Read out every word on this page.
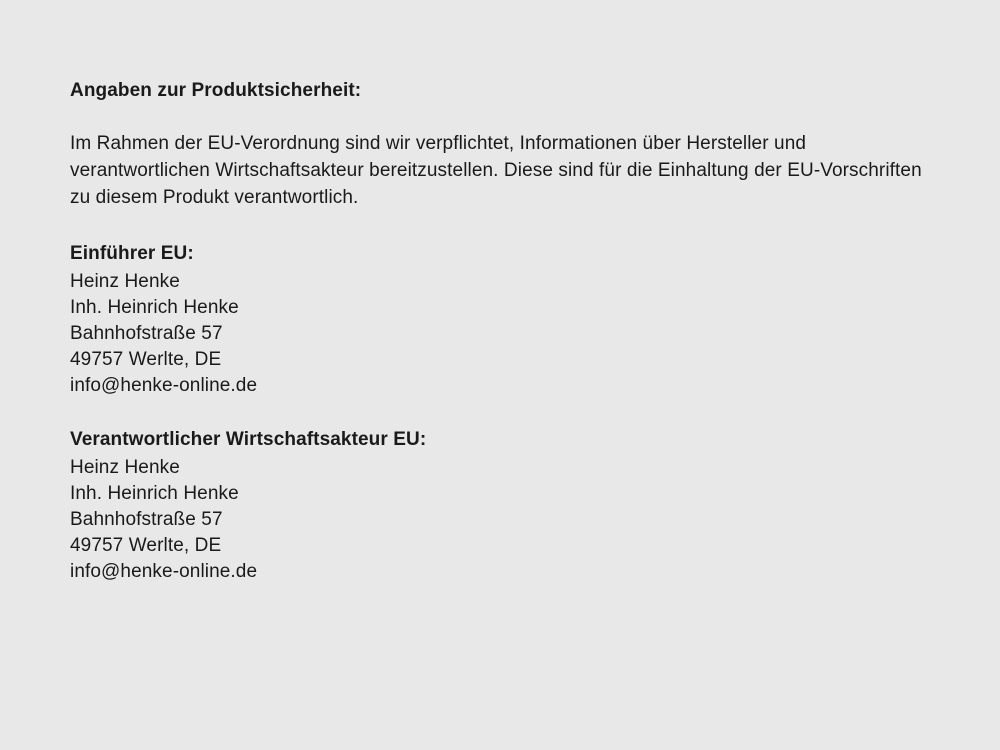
Angaben zur Produktsicherheit:

Im Rahmen der EU-Verordnung sind wir verpflichtet, Informationen über Hersteller und verantwortlichen Wirtschaftsakteur bereitzustellen. Diese sind für die Einhaltung der EU-Vorschriften zu diesem Produkt verantwortlich.

Einführer EU:

Heinz Henke

Inh. Heinrich Henke

Bahnhofstraße 57

49757 Werlte, DE

info@henke-online.de

Verantwortlicher Wirtschaftsakteur EU:

Heinz Henke

Inh. Heinrich Henke

Bahnhofstraße 57

49757 Werlte, DE

info@henke-online.de
